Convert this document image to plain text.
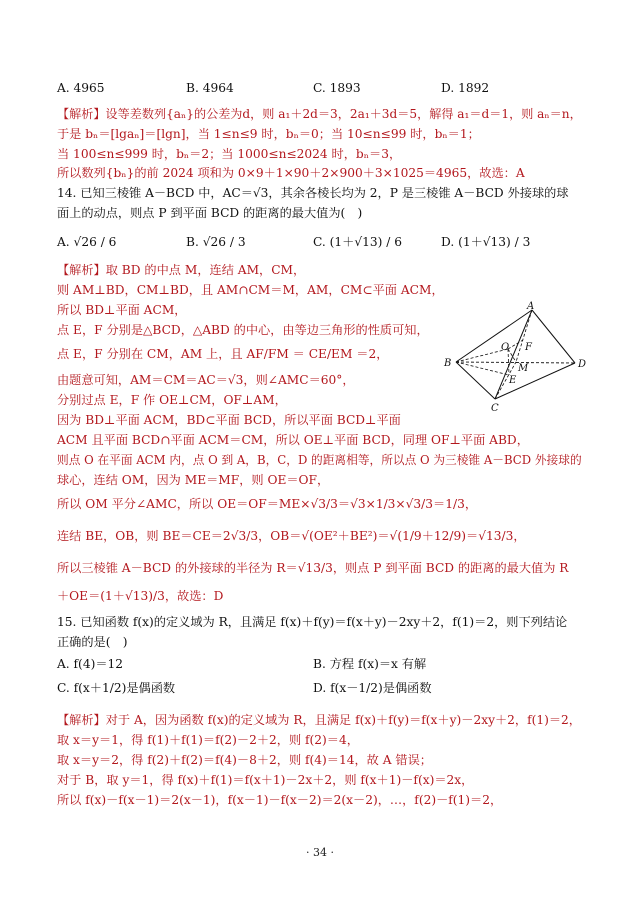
A. 4965	B. 4964	C. 1893	D. 1892
【解析】设等差数列{aₙ}的公差为d，则 a₁＋2d＝3，2a₁＋3d＝5，解得 a₁＝d＝1，则 aₙ＝n，
于是 bₙ＝[lgaₙ]＝[lgn]，当 1≤n≤9 时，bₙ＝0；当 10≤n≤99 时，bₙ＝1；
当 100≤n≤999 时，bₙ＝2；当 1000≤n≤2024 时，bₙ＝3，
所以数列{bₙ}的前 2024 项和为 0×9＋1×90＋2×900＋3×1025＝4965，故选：A
14. 已知三棱锥 A－BCD 中，AC＝√3，其余各棱长均为 2，P 是三棱锥 A－BCD 外接球的球
面上的动点，则点 P 到平面 BCD 的距离的最大值为(　)
A. √26 / 6	B. √26 / 3	C. (1＋√13) / 6	D. (1＋√13) / 3
【解析】取 BD 的中点 M，连结 AM，CM，
则 AM⊥BD，CM⊥BD，且 AM∩CM＝M，AM，CM⊂平面 ACM，
所以 BD⊥平面 ACM，
点 E，F 分别是△BCD，△ABD 的中心，由等边三角形的性质可知，
点 E，F 分别在 CM，AM 上，且 AF/FM ＝ CE/EM ＝2，
由题意可知，AM＝CM＝AC＝√3，则∠AMC＝60°，
分别过点 E，F 作 OE⊥CM，OF⊥AM，
因为 BD⊥平面 ACM，BD⊂平面 BCD，所以平面 BCD⊥平面
ACM 且平面 BCD∩平面 ACM＝CM，所以 OE⊥平面 BCD，同理 OF⊥平面 ABD，
则点 O 在平面 ACM 内，点 O 到 A，B，C，D 的距离相等，所以点 O 为三棱锥 A－BCD 外接球的
球心，连结 OM，因为 ME＝MF，则 OE＝OF，
所以 OM 平分∠AMC，所以 OE＝OF＝ME×√3/3＝√3×1/3×√3/3＝1/3，
连结 BE，OB，则 BE＝CE＝2√3/3，OB＝√(OE²＋BE²)＝√(1/9＋12/9)＝√13/3，
所以三棱锥 A－BCD 的外接球的半径为 R＝√13/3，则点 P 到平面 BCD 的距离的最大值为 R
＋OE＝(1＋√13)/3，故选：D
A
B
C
D
O F
M
E
15. 已知函数 f(x)的定义域为 R，且满足 f(x)＋f(y)＝f(x＋y)－2xy＋2，f(1)＝2，则下列结论
正确的是(　)
A. f(4)＝12	B. 方程 f(x)＝x 有解
C. f(x＋1/2)是偶函数	D. f(x－1/2)是偶函数
【解析】对于 A，因为函数 f(x)的定义域为 R，且满足 f(x)＋f(y)＝f(x＋y)－2xy＋2，f(1)＝2，
取 x＝y＝1，得 f(1)＋f(1)＝f(2)－2＋2，则 f(2)＝4，
取 x＝y＝2，得 f(2)＋f(2)＝f(4)－8＋2，则 f(4)＝14，故 A 错误；
对于 B，取 y＝1，得 f(x)＋f(1)＝f(x＋1)－2x＋2，则 f(x＋1)－f(x)＝2x，
所以 f(x)－f(x－1)＝2(x－1)，f(x－1)－f(x－2)＝2(x－2)，…，f(2)－f(1)＝2，
· 34 ·
